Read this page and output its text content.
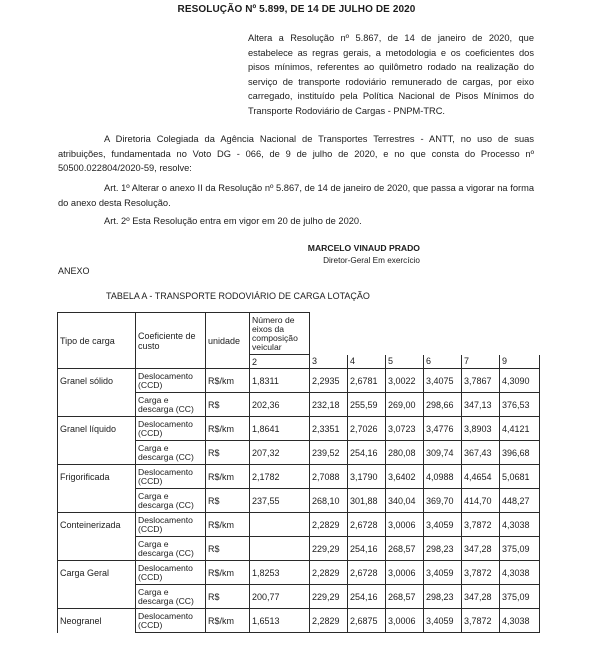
RESOLUÇÃO Nº 5.899, DE 14 DE JULHO DE 2020
Altera a Resolução nº 5.867, de 14 de janeiro de 2020, que estabelece as regras gerais, a metodologia e os coeficientes dos pisos mínimos, referentes ao quilômetro rodado na realização do serviço de transporte rodoviário remunerado de cargas, por eixo carregado, instituído pela Política Nacional de Pisos Mínimos do Transporte Rodoviário de Cargas - PNPM-TRC.
A Diretoria Colegiada da Agência Nacional de Transportes Terrestres - ANTT, no uso de suas atribuições, fundamentada no Voto DG - 066, de 9 de julho de 2020, e no que consta do Processo nº 50500.022804/2020-59, resolve:
Art. 1º Alterar o anexo II da Resolução nº 5.867, de 14 de janeiro de 2020, que passa a vigorar na forma do anexo desta Resolução.
Art. 2º Esta Resolução entra em vigor em 20 de julho de 2020.
MARCELO VINAUD PRADO
Diretor-Geral Em exercício
ANEXO
TABELA A - TRANSPORTE RODOVIÁRIO DE CARGA LOTAÇÃO
Tipo de carga	Coeficiente de custo	unidade	Número de eixos da composição veicular						
			2	3	4	5	6	7	9
Granel sólido	Deslocamento (CCD)	R$/km	1,8311	2,2935	2,6781	3,0022	3,4075	3,7867	4,3090
	Carga e descarga (CC)	R$	202,36	232,18	255,59	269,00	298,66	347,13	376,53
Granel líquido	Deslocamento (CCD)	R$/km	1,8641	2,3351	2,7026	3,0723	3,4776	3,8903	4,4121
	Carga e descarga (CC)	R$	207,32	239,52	254,16	280,08	309,74	367,43	396,68
Frigorificada	Deslocamento (CCD)	R$/km	2,1782	2,7088	3,1790	3,6402	4,0988	4,4654	5,0681
	Carga e descarga (CC)	R$	237,55	268,10	301,88	340,04	369,70	414,70	448,27
Conteinerizada	Deslocamento (CCD)	R$/km		2,2829	2,6728	3,0006	3,4059	3,7872	4,3038
	Carga e descarga (CC)	R$		229,29	254,16	268,57	298,23	347,28	375,09
Carga Geral	Deslocamento (CCD)	R$/km	1,8253	2,2829	2,6728	3,0006	3,4059	3,7872	4,3038
	Carga e descarga (CC)	R$	200,77	229,29	254,16	268,57	298,23	347,28	375,09
Neogranel	Deslocamento (CCD)	R$/km	1,6513	2,2829	2,6875	3,0006	3,4059	3,7872	4,3038
